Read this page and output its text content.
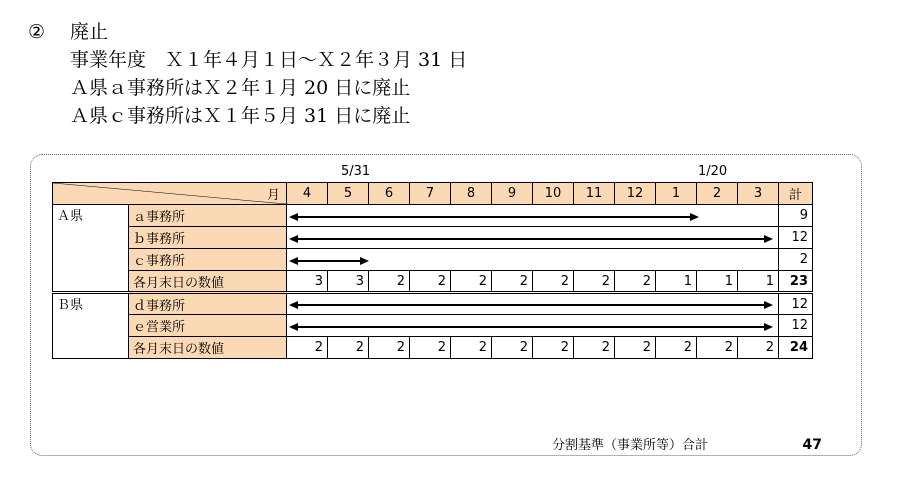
② 廃止
事業年度　Ｘ１年４月１日〜Ｘ２年３月 31 日
Ａ県ａ事務所はＸ２年１月 20 日に廃止
Ａ県ｃ事務所はＸ１年５月 31 日に廃止
5/31	1/20
月		4	5	6	7	8	9	10	11	12	1	2	3	計
Ａ県	ａ事務所													9
	ｂ事務所													12
	ｃ事務所													2
	各月末日の数値	3	3	2	2	2	2	2	2	2	1	1	1	23
Ｂ県	ｄ事務所													12
	ｅ営業所													12
	各月末日の数値	2	2	2	2	2	2	2	2	2	2	2	2	24
分割基準（事業所等）合計	47
